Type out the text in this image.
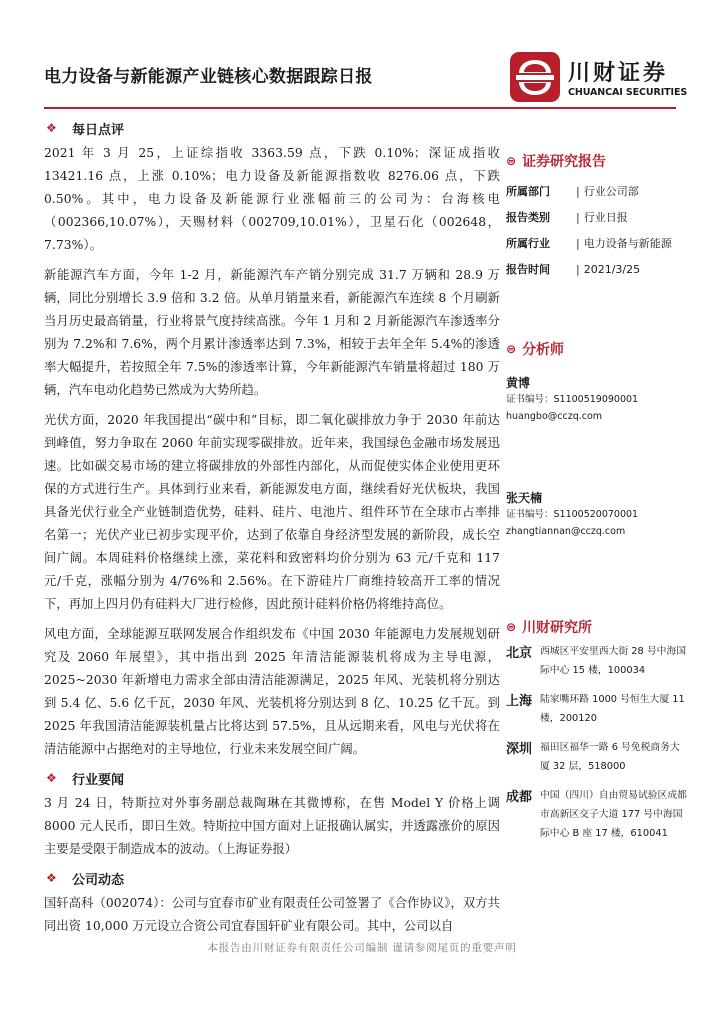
电力设备与新能源产业链核心数据跟踪日报	川财证券
CHUANCAI SECURITIES
❖ 每日点评

2021 年 3 月 25，上证综指收 3363.59 点，下跌 0.10%；深证成指收 13421.16 点，上涨 0.10%；电力设备及新能源指数收 8276.06 点，下跌 0.50%。其中，电力设备及新能源行业涨幅前三的公司为：台海核电（002366,10.07%），天赐材料（002709,10.01%），卫星石化（002648，7.73%）。

新能源汽车方面，今年 1-2 月，新能源汽车产销分别完成 31.7 万辆和 28.9 万辆，同比分别增长 3.9 倍和 3.2 倍。从单月销量来看，新能源汽车连续 8 个月刷新当月历史最高销量，行业将景气度持续高涨。今年 1 月和 2 月新能源汽车渗透率分别为 7.2%和 7.6%，两个月累计渗透率达到 7.3%，相较于去年全年 5.4%的渗透率大幅提升，若按照全年 7.5%的渗透率计算，今年新能源汽车销量将超过 180 万辆，汽车电动化趋势已然成为大势所趋。

光伏方面，2020 年我国提出“碳中和”目标，即二氧化碳排放力争于 2030 年前达到峰值，努力争取在 2060 年前实现零碳排放。近年来，我国绿色金融市场发展迅速。比如碳交易市场的建立将碳排放的外部性内部化，从而促使实体企业使用更环保的方式进行生产。具体到行业来看，新能源发电方面，继续看好光伏板块，我国具备光伏行业全产业链制造优势，硅料、硅片、电池片、组件环节在全球市占率排名第一；光伏产业已初步实现平价，达到了依靠自身经济型发展的新阶段，成长空间广阔。本周硅料价格继续上涨，菜花料和致密料均价分别为 63 元/千克和 117 元/千克，涨幅分别为 4/76%和 2.56%。在下游硅片厂商维持较高开工率的情况下，再加上四月仍有硅料大厂进行检修，因此预计硅料价格仍将维持高位。

风电方面，全球能源互联网发展合作组织发布《中国 2030 年能源电力发展规划研究及 2060 年展望》，其中指出到 2025 年清洁能源装机将成为主导电源，2025~2030 年新增电力需求全部由清洁能源满足，2025 年风、光装机将分别达到 5.4 亿、5.6 亿千瓦，2030 年风、光装机将分别达到 8 亿、10.25 亿千瓦。到 2025 年我国清洁能源装机量占比将达到 57.5%，且从远期来看，风电与光伏将在清洁能源中占据绝对的主导地位，行业未来发展空间广阔。

❖ 行业要闻

3 月 24 日，特斯拉对外事务副总裁陶琳在其微博称，在售 Model Y 价格上调 8000 元人民币，即日生效。特斯拉中国方面对上证报确认属实，并透露涨价的原因主要是受限于制造成本的波动。（上海证券报）

❖ 公司动态

国轩高科（002074）：公司与宜春市矿业有限责任公司签署了《合作协议》，双方共同出资 10,000 万元设立合资公司宜春国轩矿业有限公司。其中，公司以自

⊜ 证券研究报告
所属部门	| 行业公司部
报告类别	| 行业日报
所属行业	| 电力设备与新能源
报告时间	| 2021/3/25
⊜ 分析师
黄博
证书编号：S1100519090001
huangbo@cczq.com
张天楠
证书编号：S1100520070001
zhangtiannan@cczq.com
⊜ 川财研究所
北京 西城区平安里西大街 28 号中海国际中心 15 楼，100034
上海 陆家嘴环路 1000 号恒生大厦 11 楼，200120
深圳 福田区福华一路 6 号免税商务大厦 32 层，518000
成都 中国（四川）自由贸易试验区成都市高新区交子大道 177 号中海国际中心 B 座 17 楼，610041
本报告由川财证券有限责任公司编制 谨请参阅尾页的重要声明
